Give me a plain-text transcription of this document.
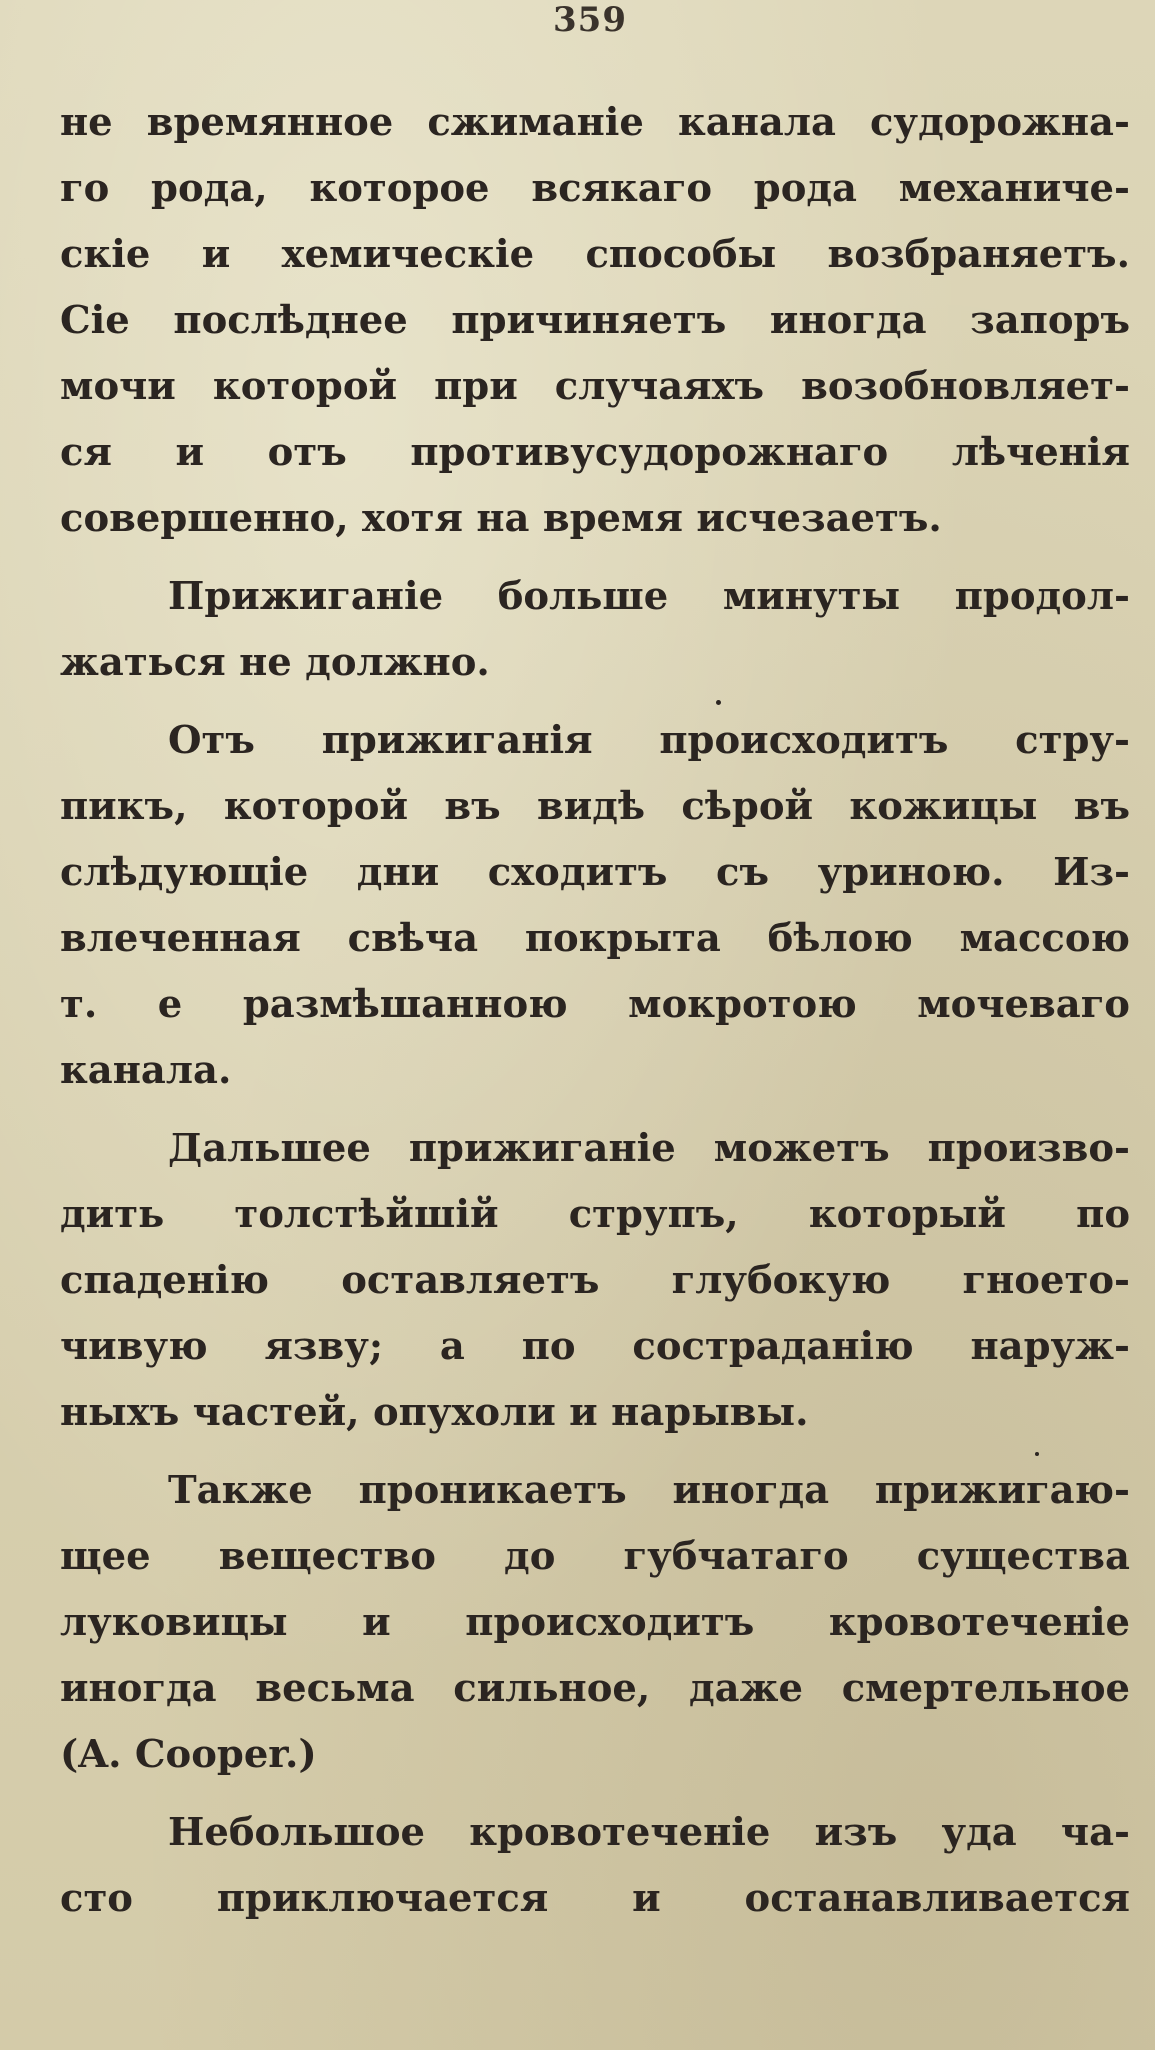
359
не времянное сжиманіе канала судорожна-
го рода, которое всякаго рода механиче-
скіе и хемическіе способы возбраняетъ.
Сіе послѣднее причиняетъ иногда запоръ
мочи которой при случаяхъ возобновляет-
ся и отъ противусудорожнаго лѣченія
совершенно, хотя на время исчезаетъ.
Прижиганіе больше минуты продол-
жаться не должно.
Отъ прижиганія происходитъ стру-
пикъ, которой въ видѣ сѣрой кожицы въ
слѣдующіе дни сходитъ съ уриною. Из-
влеченная свѣча покрыта бѣлою массою
т. е размѣшанною мокротою мочеваго
канала.
Дальшее прижиганіе можетъ произво-
дить толстѣйшій струпъ, который по
спаденію оставляетъ глубокую гноето-
чивую язву; а по состраданію наруж-
ныхъ частей, опухоли и нарывы.
Также проникаетъ иногда прижигаю-
щее вещество до губчатаго существа
луковицы и происходитъ кровотеченіе
иногда весьма сильное, даже смертельное
(A. Cooper.)
Небольшое кровотеченіе изъ уда ча-
сто приключается и останавливается
